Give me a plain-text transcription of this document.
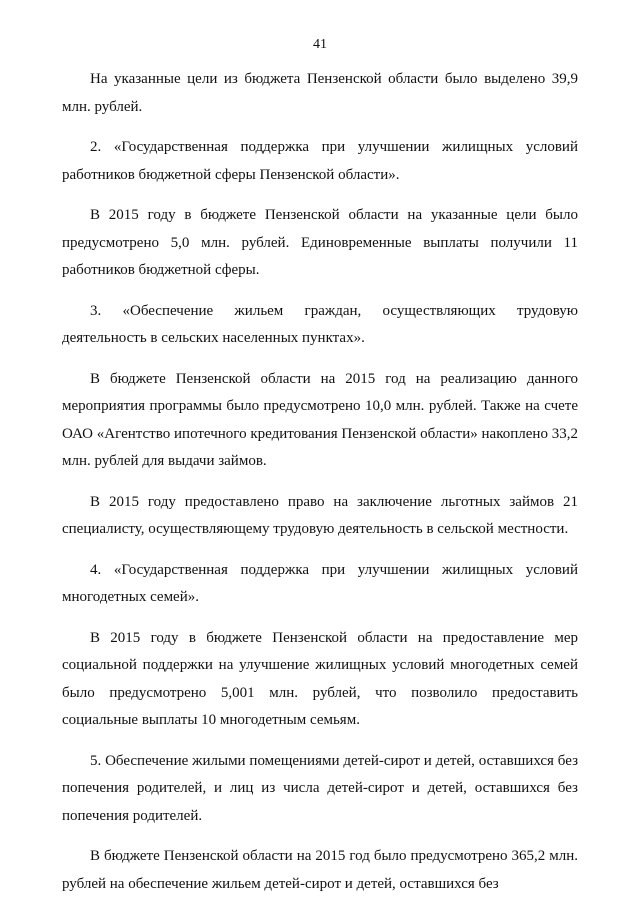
41

На указанные цели из бюджета Пензенской области было выделено 39,9 млн. рублей.

2. «Государственная поддержка при улучшении жилищных условий работников бюджетной сферы Пензенской области».

В 2015 году в бюджете Пензенской области на указанные цели было предусмотрено 5,0 млн. рублей. Единовременные выплаты получили 11 работников бюджетной сферы.

3. «Обеспечение жильем граждан, осуществляющих трудовую деятельность в сельских населенных пунктах».

В бюджете Пензенской области на 2015 год на реализацию данного мероприятия программы было предусмотрено 10,0 млн. рублей. Также на счете ОАО «Агентство ипотечного кредитования Пензенской области» накоплено 33,2 млн. рублей для выдачи займов.

В 2015 году предоставлено право на заключение льготных займов 21 специалисту, осуществляющему трудовую деятельность в сельской местности.

4. «Государственная поддержка при улучшении жилищных условий многодетных семей».

В 2015 году в бюджете Пензенской области на предоставление мер социальной поддержки на улучшение жилищных условий многодетных семей было предусмотрено 5,001 млн. рублей, что позволило предоставить социальные выплаты 10 многодетным семьям.

5. Обеспечение жилыми помещениями детей-сирот и детей, оставшихся без попечения родителей, и лиц из числа детей-сирот и детей, оставшихся без попечения родителей.

В бюджете Пензенской области на 2015 год было предусмотрено 365,2 млн. рублей на обеспечение жильем детей-сирот и детей, оставшихся без
